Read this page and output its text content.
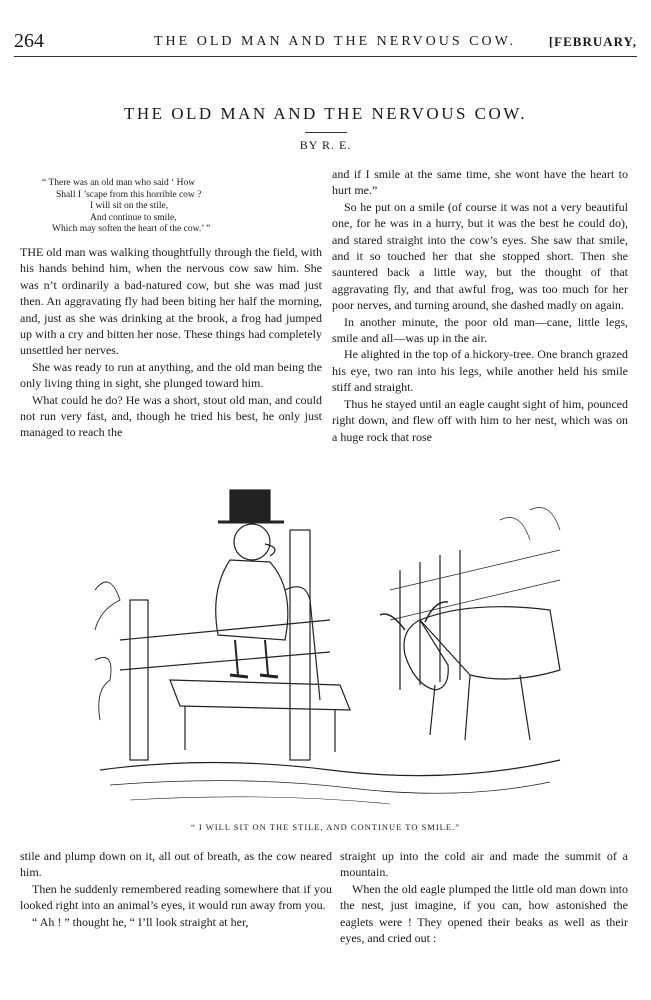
264	THE OLD MAN AND THE NERVOUS COW.	[FEBRUARY,
THE OLD MAN AND THE NERVOUS COW.
BY R. E.
“ There was an old man who said ‘ How
Shall I ’scape from this horrible cow ?
I will sit on the stile,
And continue to smile,
Which may soften the heart of the cow.’ ”

THE old man was walking thoughtfully through the field, with his hands behind him, when the nervous cow saw him. She was n’t ordinarily a bad-natured cow, but she was mad just then. An aggravating fly had been biting her half the morning, and, just as she was drinking at the brook, a frog had jumped up with a cry and bitten her nose. These things had completely unsettled her nerves.

She was ready to run at anything, and the old man being the only living thing in sight, she plunged toward him.

What could he do? He was a short, stout old man, and could not run very fast, and, though he tried his best, he only just managed to reach the

and if I smile at the same time, she wont have the heart to hurt me.”

So he put on a smile (of course it was not a very beautiful one, for he was in a hurry, but it was the best he could do), and stared straight into the cow’s eyes. She saw that smile, and it so touched her that she stopped short. Then she sauntered back a little way, but the thought of that aggravating fly, and that awful frog, was too much for her poor nerves, and turning around, she dashed madly on again.

In another minute, the poor old man—cane, little legs, smile and all—was up in the air.

He alighted in the top of a hickory-tree. One branch grazed his eye, two ran into his legs, while another held his smile stiff and straight.

Thus he stayed until an eagle caught sight of him, pounced right down, and flew off with him to her nest, which was on a huge rock that rose

“ I WILL SIT ON THE STILE, AND CONTINUE TO SMILE.”

stile and plump down on it, all out of breath, as the cow neared him.

Then he suddenly remembered reading somewhere that if you looked right into an animal’s eyes, it would run away from you.

“ Ah ! ” thought he, “ I’ll look straight at her,

straight up into the cold air and made the summit of a mountain.

When the old eagle plumped the little old man down into the nest, just imagine, if you can, how astonished the eaglets were ! They opened their beaks as well as their eyes, and cried out :
